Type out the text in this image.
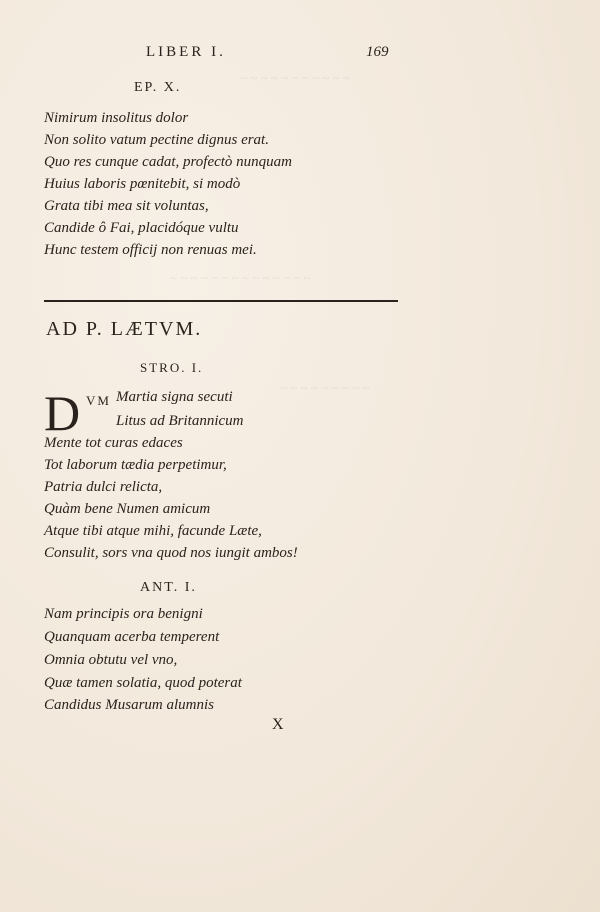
~ ~ ~ ~ ~ ~ ~ ~ ~ ~ ~
~ ~ ~ ~ ~ ~ ~ ~ ~ ~ ~ ~ ~ ~
~ ~ ~ ~ ~ ~ ~ ~ ~
LIBER I.	169
EP. X.
Nimirum insolitus dolor
Non solito vatum pectine dignus erat.
Quo res cunque cadat, profectò nunquam
Huius laboris pœnitebit, si modò
Grata tibi mea sit voluntas,
Candide ô Fai, placidóque vultu
Hunc testem officij non renuas mei.
AD P. LÆTVM.
STRO. I.
D VM Martia signa secuti
Litus ad Britannicum
Mente tot curas edaces
Tot laborum tædia perpetimur,
Patria dulci relicta,
Quàm bene Numen amicum
Atque tibi atque mihi, facunde Læte,
Consulit, sors vna quod nos iungit ambos!
ANT. I.
Nam principis ora benigni
Quanquam acerba temperent
Omnia obtutu vel vno,
Quæ tamen solatia, quod poterat
Candidus Musarum alumnis
X
